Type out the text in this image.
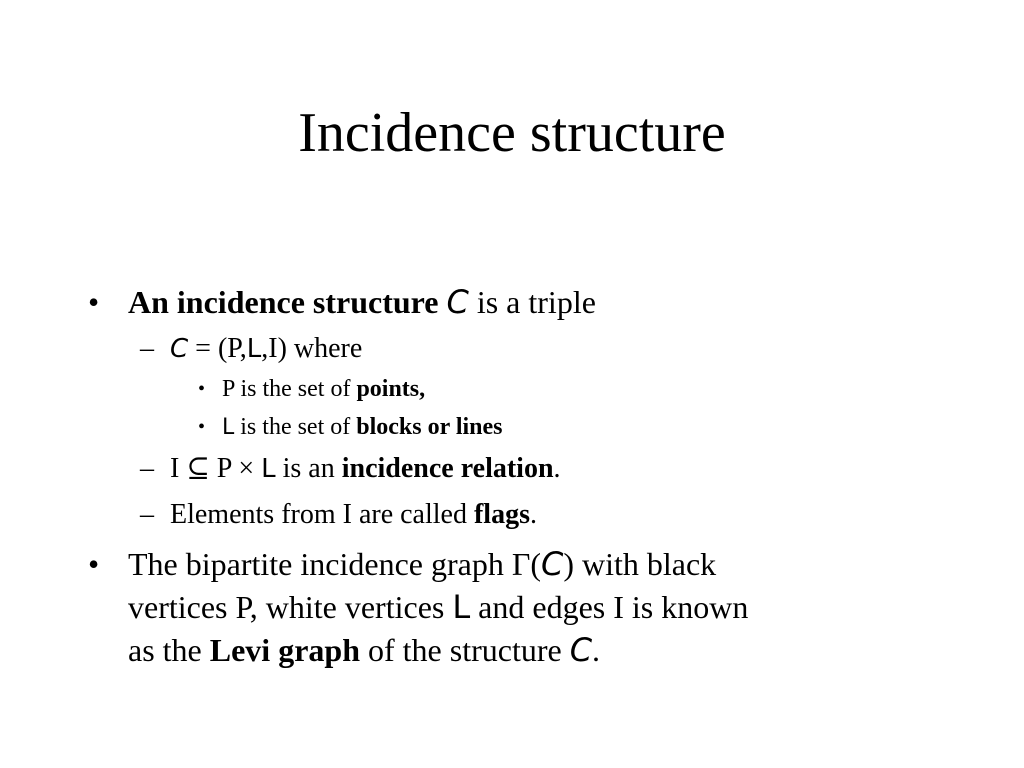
Incidence structure
• An incidence structure C is a triple
– C = (P,L,I) where
• P is the set of points,
• L is the set of blocks or lines
– I ⊆ P × L is an incidence relation.
– Elements from I are called flags.
• The bipartite incidence graph Γ(C) with black
vertices P, white vertices L and edges I is known
as the Levi graph of the structure C.
